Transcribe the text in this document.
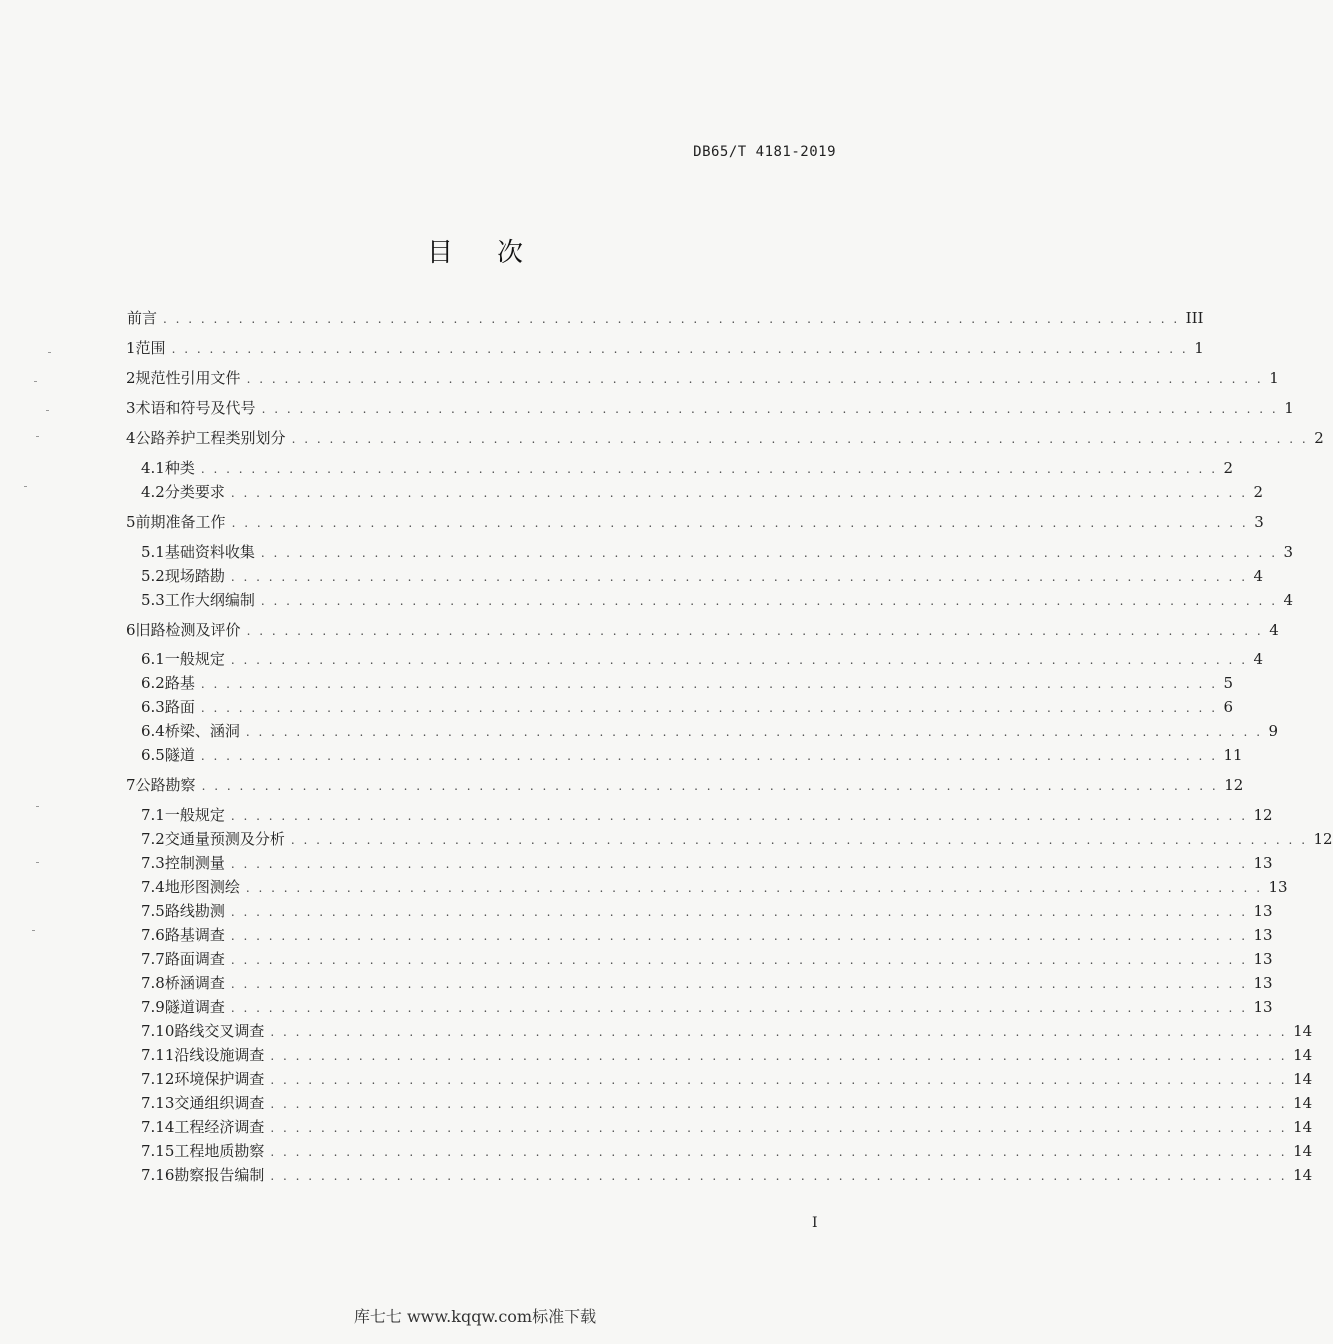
DB65/T 4181-2019
目次
前言 . . . . . . . . . . . . . . . . . . . . . . . . . . . . . . . . . . . . . . . . . . . . . . . . . . . . . . . . . . . . . . . . . . . . . . . . . . . . . . . . . III
1 范围 . . . . . . . . . . . . . . . . . . . . . . . . . . . . . . . . . . . . . . . . . . . . . . . . . . . . . . . . . . . . . . . . . . . . . . . . . . . . . . . . . 1
2 规范性引用文件 . . . . . . . . . . . . . . . . . . . . . . . . . . . . . . . . . . . . . . . . . . . . . . . . . . . . . . . . . . . . . . . . . . . . . . . . . . . . . . . . . 1
3 术语和符号及代号 . . . . . . . . . . . . . . . . . . . . . . . . . . . . . . . . . . . . . . . . . . . . . . . . . . . . . . . . . . . . . . . . . . . . . . . . . . . . . . . . . 1
4 公路养护工程类别划分 . . . . . . . . . . . . . . . . . . . . . . . . . . . . . . . . . . . . . . . . . . . . . . . . . . . . . . . . . . . . . . . . . . . . . . . . . . . . . . . . . 2
4.1 种类 . . . . . . . . . . . . . . . . . . . . . . . . . . . . . . . . . . . . . . . . . . . . . . . . . . . . . . . . . . . . . . . . . . . . . . . . . . . . . . . . . 2
4.2 分类要求 . . . . . . . . . . . . . . . . . . . . . . . . . . . . . . . . . . . . . . . . . . . . . . . . . . . . . . . . . . . . . . . . . . . . . . . . . . . . . . . . . 2
5 前期准备工作 . . . . . . . . . . . . . . . . . . . . . . . . . . . . . . . . . . . . . . . . . . . . . . . . . . . . . . . . . . . . . . . . . . . . . . . . . . . . . . . . . 3
5.1 基础资料收集 . . . . . . . . . . . . . . . . . . . . . . . . . . . . . . . . . . . . . . . . . . . . . . . . . . . . . . . . . . . . . . . . . . . . . . . . . . . . . . . . . 3
5.2 现场踏勘 . . . . . . . . . . . . . . . . . . . . . . . . . . . . . . . . . . . . . . . . . . . . . . . . . . . . . . . . . . . . . . . . . . . . . . . . . . . . . . . . . 4
5.3 工作大纲编制 . . . . . . . . . . . . . . . . . . . . . . . . . . . . . . . . . . . . . . . . . . . . . . . . . . . . . . . . . . . . . . . . . . . . . . . . . . . . . . . . . 4
6 旧路检测及评价 . . . . . . . . . . . . . . . . . . . . . . . . . . . . . . . . . . . . . . . . . . . . . . . . . . . . . . . . . . . . . . . . . . . . . . . . . . . . . . . . . 4
6.1 一般规定 . . . . . . . . . . . . . . . . . . . . . . . . . . . . . . . . . . . . . . . . . . . . . . . . . . . . . . . . . . . . . . . . . . . . . . . . . . . . . . . . . 4
6.2 路基 . . . . . . . . . . . . . . . . . . . . . . . . . . . . . . . . . . . . . . . . . . . . . . . . . . . . . . . . . . . . . . . . . . . . . . . . . . . . . . . . . 5
6.3 路面 . . . . . . . . . . . . . . . . . . . . . . . . . . . . . . . . . . . . . . . . . . . . . . . . . . . . . . . . . . . . . . . . . . . . . . . . . . . . . . . . . 6
6.4 桥梁、涵洞 . . . . . . . . . . . . . . . . . . . . . . . . . . . . . . . . . . . . . . . . . . . . . . . . . . . . . . . . . . . . . . . . . . . . . . . . . . . . . . . . . 9
6.5 隧道 . . . . . . . . . . . . . . . . . . . . . . . . . . . . . . . . . . . . . . . . . . . . . . . . . . . . . . . . . . . . . . . . . . . . . . . . . . . . . . . . . 11
7 公路勘察 . . . . . . . . . . . . . . . . . . . . . . . . . . . . . . . . . . . . . . . . . . . . . . . . . . . . . . . . . . . . . . . . . . . . . . . . . . . . . . . . . 12
7.1 一般规定 . . . . . . . . . . . . . . . . . . . . . . . . . . . . . . . . . . . . . . . . . . . . . . . . . . . . . . . . . . . . . . . . . . . . . . . . . . . . . . . . . 12
7.2 交通量预测及分析 . . . . . . . . . . . . . . . . . . . . . . . . . . . . . . . . . . . . . . . . . . . . . . . . . . . . . . . . . . . . . . . . . . . . . . . . . . . . . . . . . 12
7.3 控制测量 . . . . . . . . . . . . . . . . . . . . . . . . . . . . . . . . . . . . . . . . . . . . . . . . . . . . . . . . . . . . . . . . . . . . . . . . . . . . . . . . . 13
7.4 地形图测绘 . . . . . . . . . . . . . . . . . . . . . . . . . . . . . . . . . . . . . . . . . . . . . . . . . . . . . . . . . . . . . . . . . . . . . . . . . . . . . . . . . 13
7.5 路线勘测 . . . . . . . . . . . . . . . . . . . . . . . . . . . . . . . . . . . . . . . . . . . . . . . . . . . . . . . . . . . . . . . . . . . . . . . . . . . . . . . . . 13
7.6 路基调查 . . . . . . . . . . . . . . . . . . . . . . . . . . . . . . . . . . . . . . . . . . . . . . . . . . . . . . . . . . . . . . . . . . . . . . . . . . . . . . . . . 13
7.7 路面调查 . . . . . . . . . . . . . . . . . . . . . . . . . . . . . . . . . . . . . . . . . . . . . . . . . . . . . . . . . . . . . . . . . . . . . . . . . . . . . . . . . 13
7.8 桥涵调查 . . . . . . . . . . . . . . . . . . . . . . . . . . . . . . . . . . . . . . . . . . . . . . . . . . . . . . . . . . . . . . . . . . . . . . . . . . . . . . . . . 13
7.9 隧道调查 . . . . . . . . . . . . . . . . . . . . . . . . . . . . . . . . . . . . . . . . . . . . . . . . . . . . . . . . . . . . . . . . . . . . . . . . . . . . . . . . . 13
7.10 路线交叉调查 . . . . . . . . . . . . . . . . . . . . . . . . . . . . . . . . . . . . . . . . . . . . . . . . . . . . . . . . . . . . . . . . . . . . . . . . . . . . . . . . . 14
7.11 沿线设施调查 . . . . . . . . . . . . . . . . . . . . . . . . . . . . . . . . . . . . . . . . . . . . . . . . . . . . . . . . . . . . . . . . . . . . . . . . . . . . . . . . . 14
7.12 环境保护调查 . . . . . . . . . . . . . . . . . . . . . . . . . . . . . . . . . . . . . . . . . . . . . . . . . . . . . . . . . . . . . . . . . . . . . . . . . . . . . . . . . 14
7.13 交通组织调查 . . . . . . . . . . . . . . . . . . . . . . . . . . . . . . . . . . . . . . . . . . . . . . . . . . . . . . . . . . . . . . . . . . . . . . . . . . . . . . . . . 14
7.14 工程经济调查 . . . . . . . . . . . . . . . . . . . . . . . . . . . . . . . . . . . . . . . . . . . . . . . . . . . . . . . . . . . . . . . . . . . . . . . . . . . . . . . . . 14
7.15 工程地质勘察 . . . . . . . . . . . . . . . . . . . . . . . . . . . . . . . . . . . . . . . . . . . . . . . . . . . . . . . . . . . . . . . . . . . . . . . . . . . . . . . . . 14
7.16 勘察报告编制 . . . . . . . . . . . . . . . . . . . . . . . . . . . . . . . . . . . . . . . . . . . . . . . . . . . . . . . . . . . . . . . . . . . . . . . . . . . . . . . . . 14
I
库七七 www.kqqw.com标准下载
